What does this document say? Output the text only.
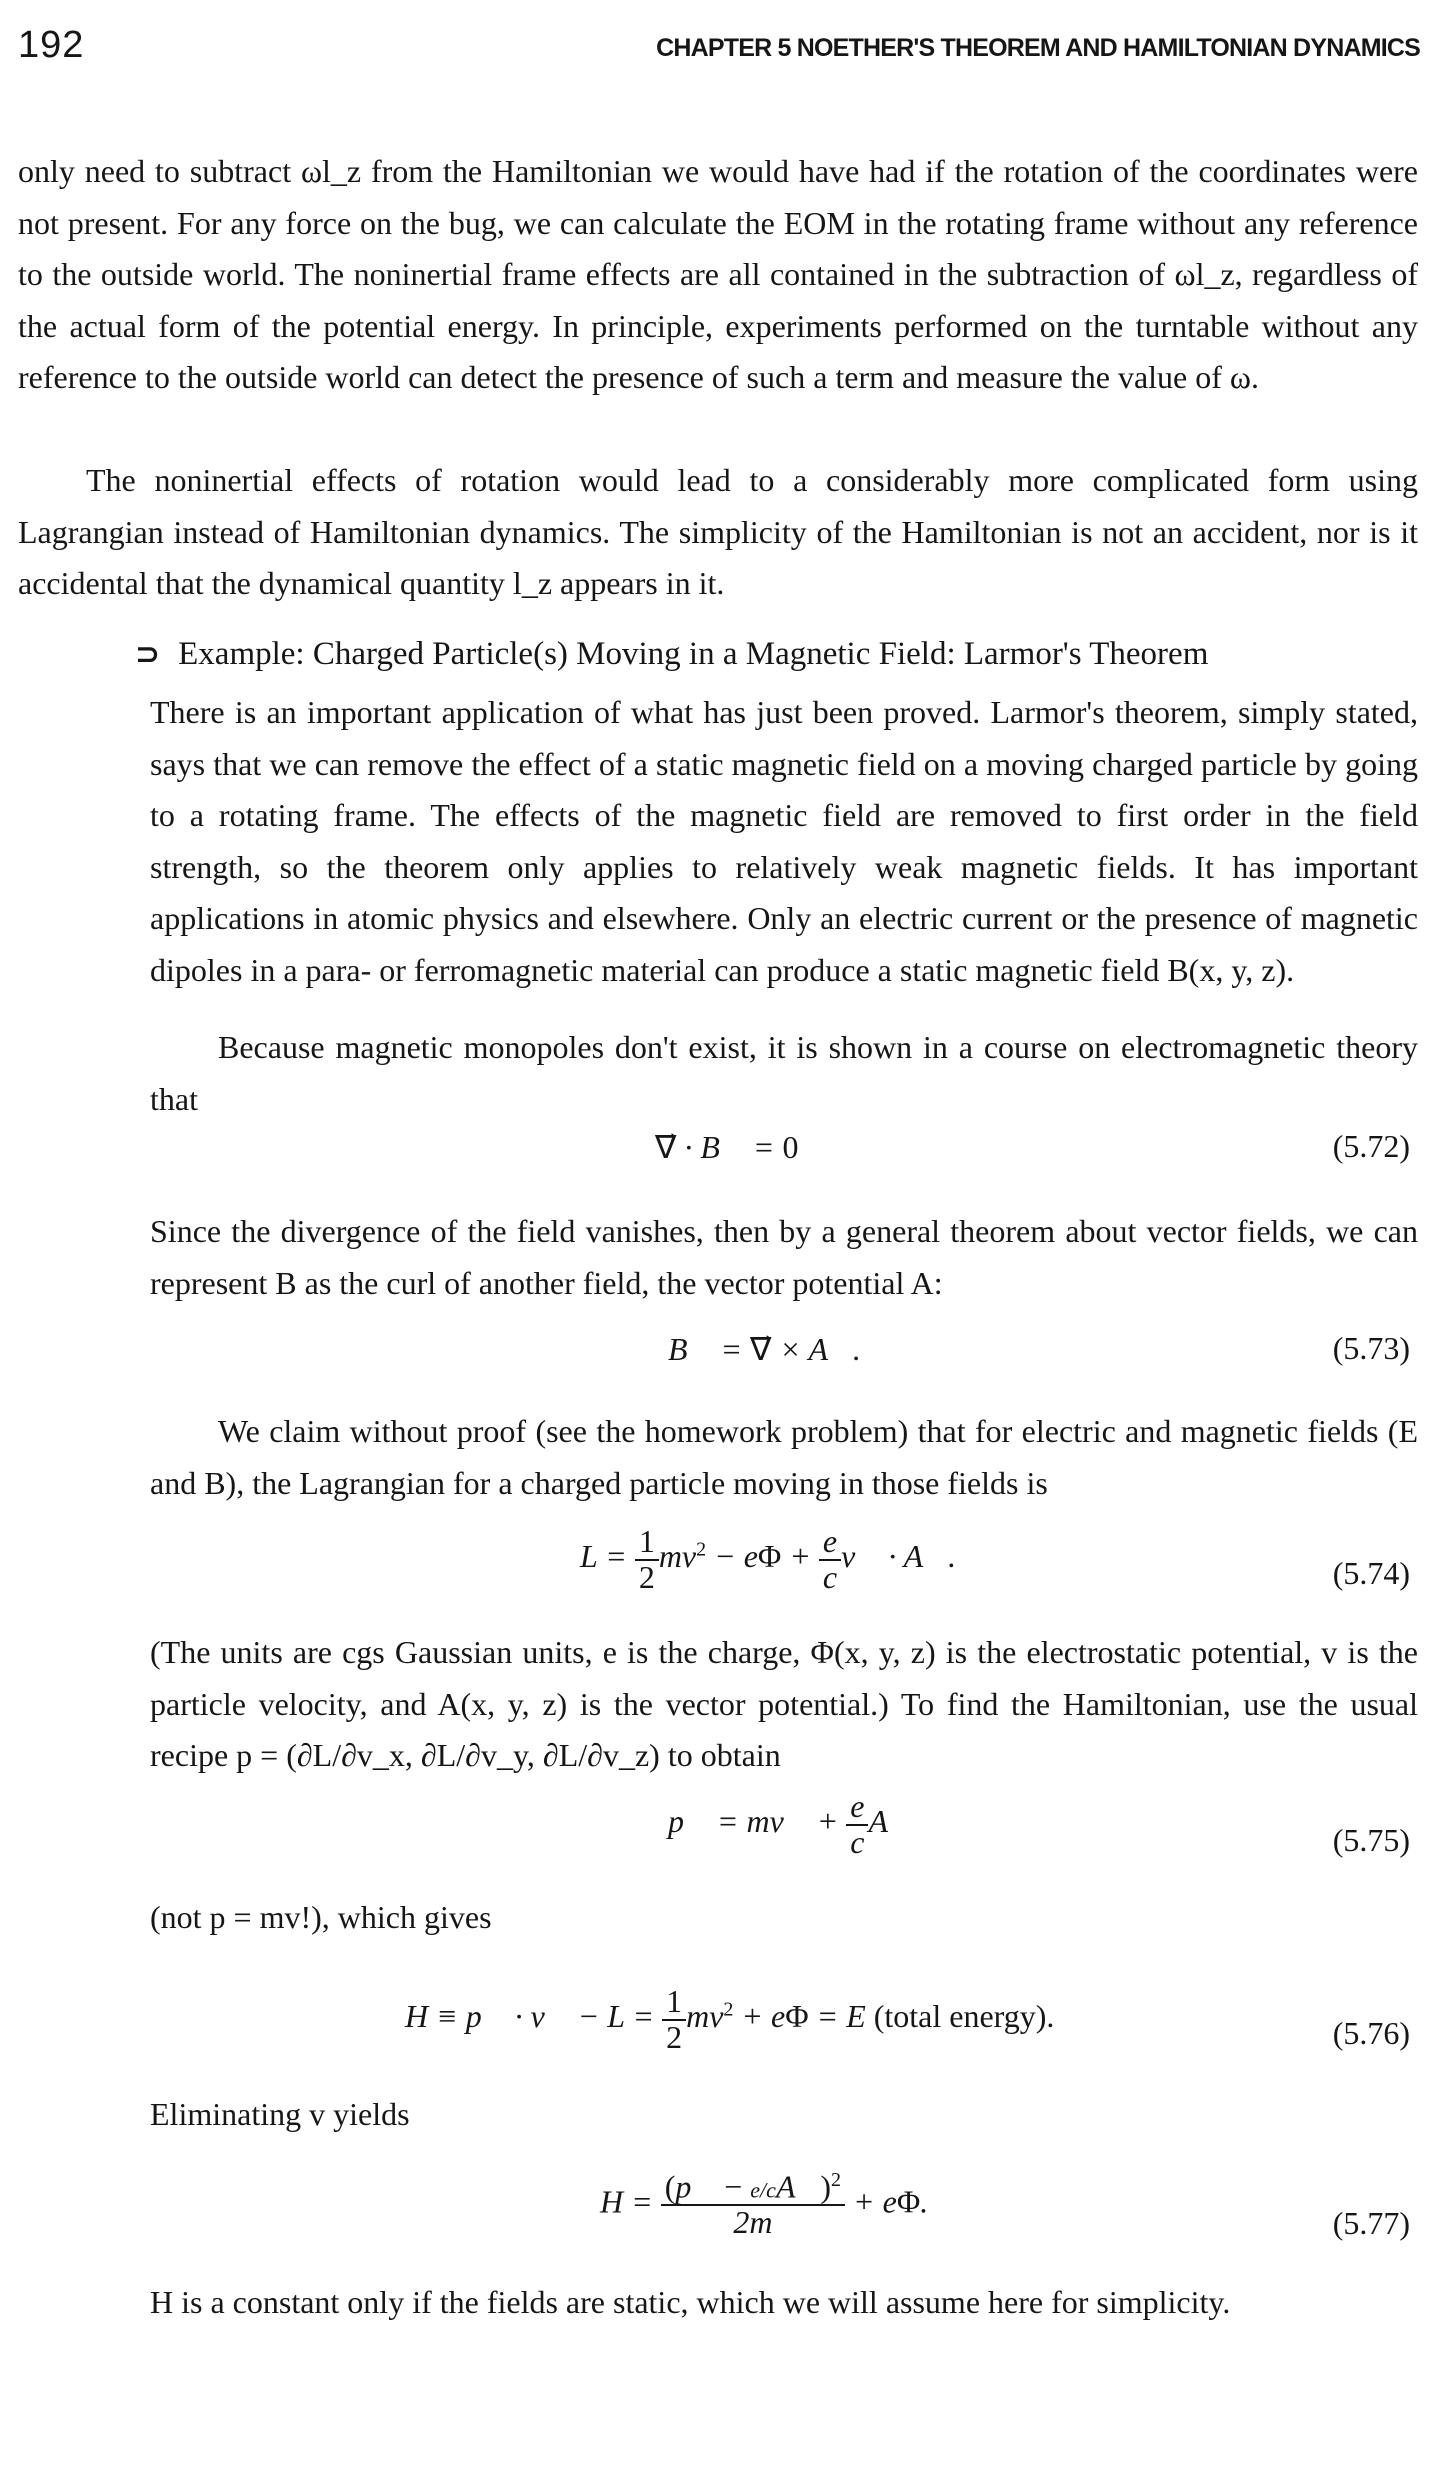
192	CHAPTER 5 NOETHER'S THEOREM AND HAMILTONIAN DYNAMICS

only need to subtract ωl_z from the Hamiltonian we would have had if the rotation of the coordinates were not present. For any force on the bug, we can calculate the EOM in the rotating frame without any reference to the outside world. The noninertial frame effects are all contained in the subtraction of ωl_z, regardless of the actual form of the potential energy. In principle, experiments performed on the turntable without any reference to the outside world can detect the presence of such a term and measure the value of ω.

The noninertial effects of rotation would lead to a considerably more complicated form using Lagrangian instead of Hamiltonian dynamics. The simplicity of the Hamiltonian is not an accident, nor is it accidental that the dynamical quantity l_z appears in it.

⊃ Example: Charged Particle(s) Moving in a Magnetic Field: Larmor's Theorem

There is an important application of what has just been proved. Larmor's theorem, simply stated, says that we can remove the effect of a static magnetic field on a moving charged particle by going to a rotating frame. The effects of the magnetic field are removed to first order in the field strength, so the theorem only applies to relatively weak magnetic fields. It has important applications in atomic physics and elsewhere. Only an electric current or the presence of magnetic dipoles in a para- or ferromagnetic material can produce a static magnetic field B(x, y, z).

Because magnetic monopoles don't exist, it is shown in a course on electromagnetic theory that

∇⃗ · B⃗ = 0	(5.72)

Since the divergence of the field vanishes, then by a general theorem about vector fields, we can represent B as the curl of another field, the vector potential A:

B⃗ = ∇⃗ × A⃗.	(5.73)

We claim without proof (see the homework problem) that for electric and magnetic fields (E and B), the Lagrangian for a charged particle moving in those fields is

$L = \frac{1}{2} mv^2 - e\Phi + \frac{e}{c}$ v⃗ · A⃗.	(5.74)

(The units are cgs Gaussian units, e is the charge, Φ(x, y, z) is the electrostatic potential, v is the particle velocity, and A(x, y, z) is the vector potential.) To find the Hamiltonian, use the usual recipe p = (∂L/∂v_x, ∂L/∂v_y, ∂L/∂v_z) to obtain

p⃗ = mv⃗ + $\frac{e}{c}$ A⃗
(5.75)

(not p = mv!), which gives

H ≡ p⃗ · v⃗ − $L = \frac{1}{2} mv^2 + e\Phi = E$ (total energy).	(5.76)

Eliminating v yields

$H = \frac{(p⃗ - e/cA⃗)^2}{2m} + e\Phi$.
(5.77)

H is a constant only if the fields are static, which we will assume here for simplicity.
